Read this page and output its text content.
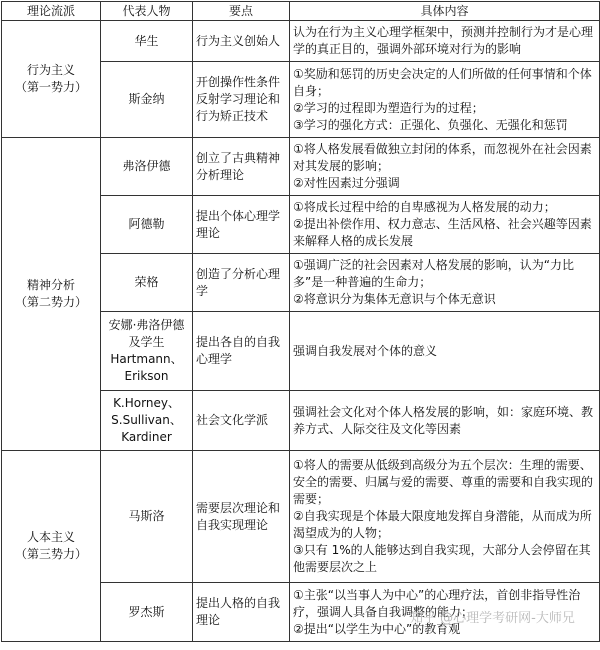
理论流派	代表人物	要点	具体内容

行为主义
（第一势力）	华生	行为主义创始人	认为在行为主义心理学框架中，预测并控制行为才是心理学的真正目的，强调外部环境对行为的影响

	斯金纳	开创操作性条件反射学习理论和行为矫正技术	①奖励和惩罚的历史会决定的人们所做的任何事情和个体自身；
②学习的过程即为塑造行为的过程；
③学习的强化方式：正强化、负强化、无强化和惩罚

精神分析
（第二势力）	弗洛伊德	创立了古典精神分析理论	①将人格发展看做独立封闭的体系，而忽视外在社会因素对其发展的影响；
②对性因素过分强调

	阿德勒	提出个体心理学理论	①将成长过程中给的自卑感视为人格发展的动力；
②提出补偿作用、权力意志、生活风格、社会兴趣等因素来解释人格的成长发展

	荣格	创造了分析心理学	①强调广泛的社会因素对人格发展的影响，认为“力比多”是一种普遍的生命力；
②将意识分为集体无意识与个体无意识

	安娜·弗洛伊德及学生
Hartmann、
Erikson	提出各自的自我心理学	强调自我发展对个体的意义

	K.Horney、
S.Sullivan、
Kardiner	社会文化学派	强调社会文化对个体人格发展的影响，如：家庭环境、教养方式、人际交往及文化等因素

人本主义
（第三势力）	马斯洛	需要层次理论和自我实现理论	①将人的需要从低级到高级分为五个层次：生理的需要、安全的需要、归属与爱的需要、尊重的需要和自我实现的需要；
②自我实现是个体最大限度地发挥自身潜能，从而成为所渴望成为的人物；
③只有 1%的人能够达到自我实现，大部分人会停留在其他需要层次之上

	罗杰斯	提出人格的自我理论	①主张“以当事人为中心”的心理疗法，首创非指导性治疗，强调人具备自我调整的能力；
②提出“以学生为中心”的教育观
知乎 @心理学考研网-大师兄
